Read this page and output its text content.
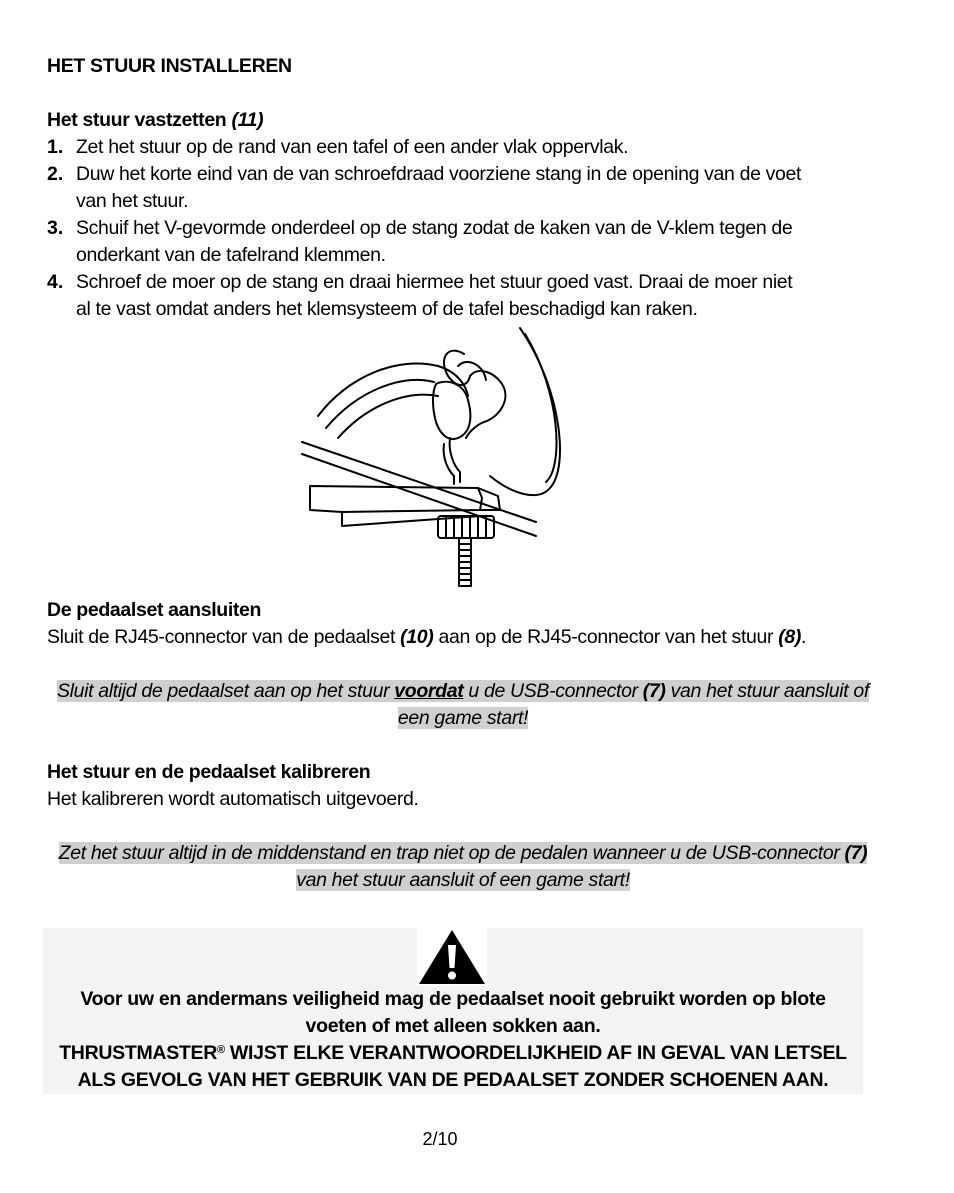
HET STUUR INSTALLEREN
Het stuur vastzetten (11)
1. Zet het stuur op de rand van een tafel of een ander vlak oppervlak.
2. Duw het korte eind van de van schroefdraad voorziene stang in de opening van de voet
van het stuur.
3. Schuif het V-gevormde onderdeel op de stang zodat de kaken van de V-klem tegen de
onderkant van de tafelrand klemmen.
4. Schroef de moer op de stang en draai hiermee het stuur goed vast. Draai de moer niet
al te vast omdat anders het klemsysteem of de tafel beschadigd kan raken.
De pedaalset aansluiten
Sluit de RJ45-connector van de pedaalset (10) aan op de RJ45-connector van het stuur (8).
Sluit altijd de pedaalset aan op het stuur voordat u de USB-connector (7) van het stuur aansluit of
een game start!
Het stuur en de pedaalset kalibreren
Het kalibreren wordt automatisch uitgevoerd.
Zet het stuur altijd in de middenstand en trap niet op de pedalen wanneer u de USB-connector (7)
van het stuur aansluit of een game start!
Voor uw en andermans veiligheid mag de pedaalset nooit gebruikt worden op blote
voeten of met alleen sokken aan.
THRUSTMASTER® WIJST ELKE VERANTWOORDELIJKHEID AF IN GEVAL VAN LETSEL
ALS GEVOLG VAN HET GEBRUIK VAN DE PEDAALSET ZONDER SCHOENEN AAN.
2/10
